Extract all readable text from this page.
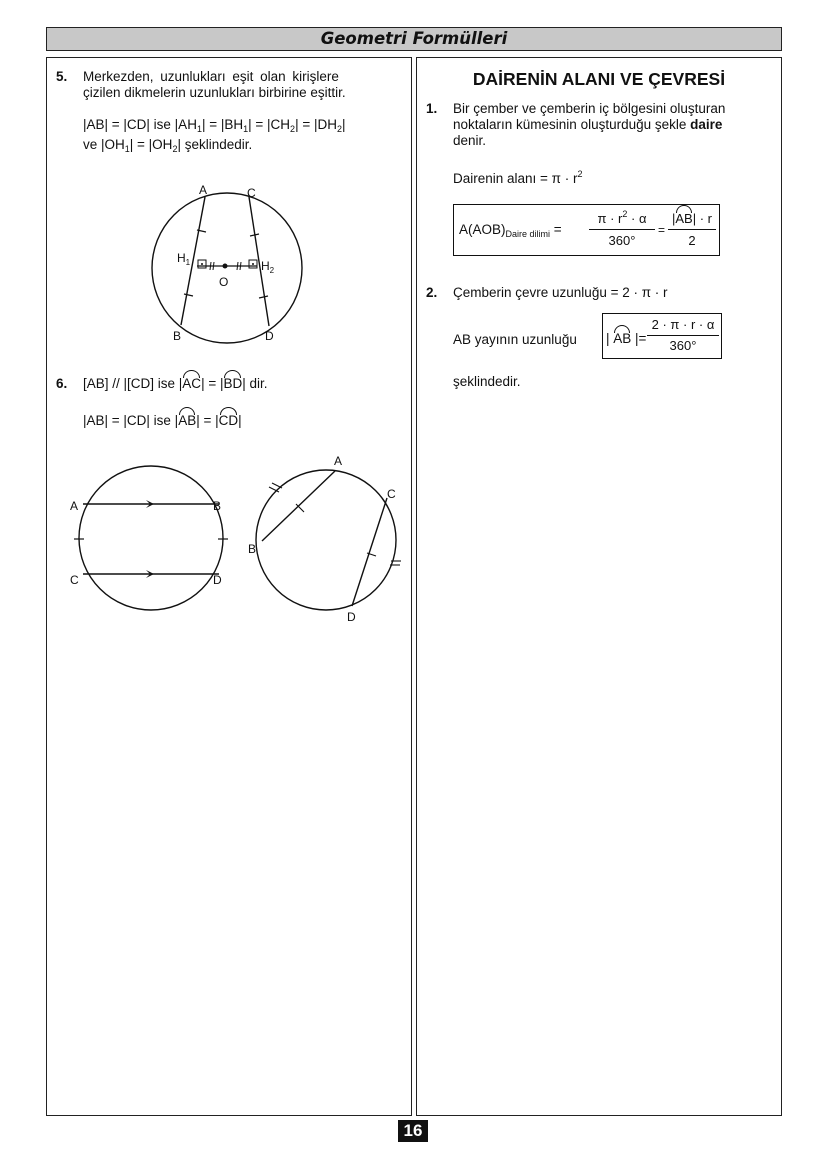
Geometri Formülleri
5. Merkezden, uzunlukları eşit olan kirişlere
çizilen dikmelerin uzunlukları birbirine eşittir.
|AB| = |CD| ise $|AH_1| = |BH_1| = |CH_2| = |DH_2|$
ve $|OH_1| = |OH_2|$ şeklindedir.
A	C
B	D
O
$H_1$	$H_2$
A	B
C	D
A
B
C
D
6. [AB] // |[CD] ise |AC| = |BD| dir.
|AB| = |CD| ise |AB| = |CD|
DAİRENİN ALANI VE ÇEVRESİ
1. Bir çember ve çemberin iç bölgesini oluşturan
noktaların kümesinin oluşturduğu şekle daire
denir.
Dairenin alanı = $\pi \cdot r^2$
$A(AOB)_{Daire dilimi}$ =
$\pi \cdot r^2 \cdot \alpha$
360°
=
|AB| · r
2
2. Çemberin çevre uzunluğu = 2 · π · r
AB yayının uzunluğu | AB |=
2 · π · r · α
360°
şeklindedir.
16
